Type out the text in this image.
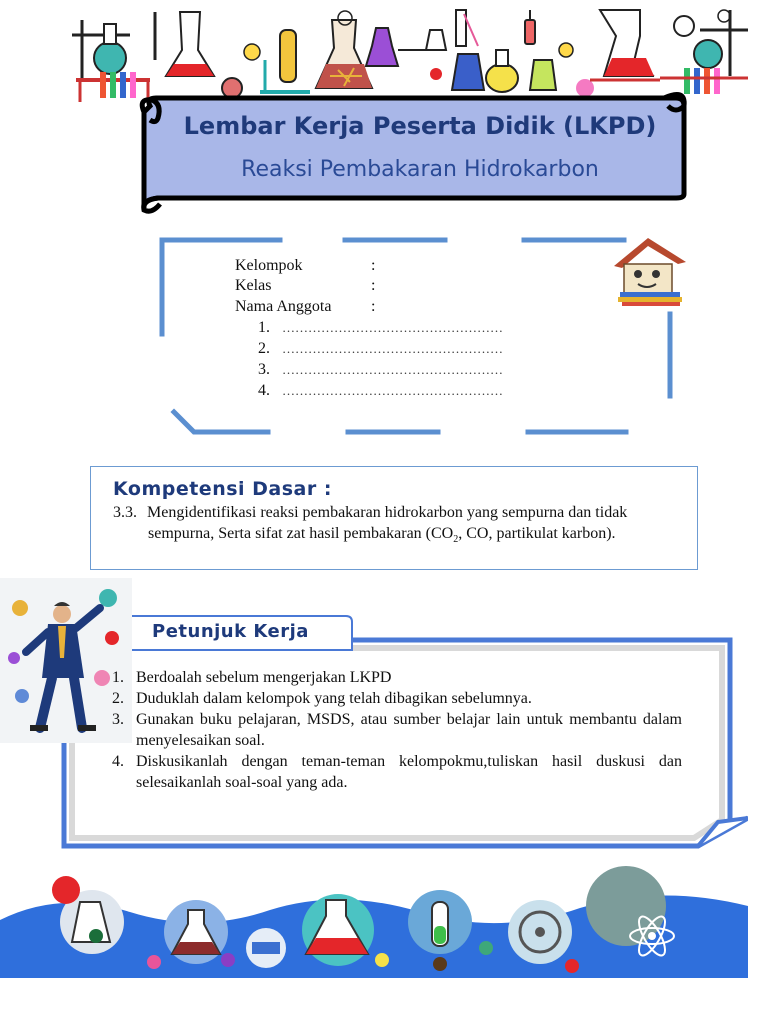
Lembar Kerja Peserta Didik (LKPD)
Reaksi Pembakaran Hidrokarbon
Kelompok	:
Kelas	:
Nama Anggota :
1. ……………………………………………
2. ……………………………………………
3. ……………………………………………
4. ……………………………………………
Kompetensi Dasar :
3.3. Mengidentifikasi reaksi pembakaran hidrokarbon yang sempurna dan tidak
sempurna, Serta sifat zat hasil pembakaran ($CO_2$, CO, partikulat karbon).
Petunjuk Kerja
1. Berdoalah sebelum mengerjakan LKPD
2. Duduklah dalam kelompok yang telah dibagikan sebelumnya.
3. Gunakan buku pelajaran, MSDS, atau sumber belajar lain untuk membantu dalam menyelesaikan soal.
4. Diskusikanlah dengan teman-teman kelompokmu,tuliskan hasil duskusi dan selesaikanlah soal-soal yang ada.
